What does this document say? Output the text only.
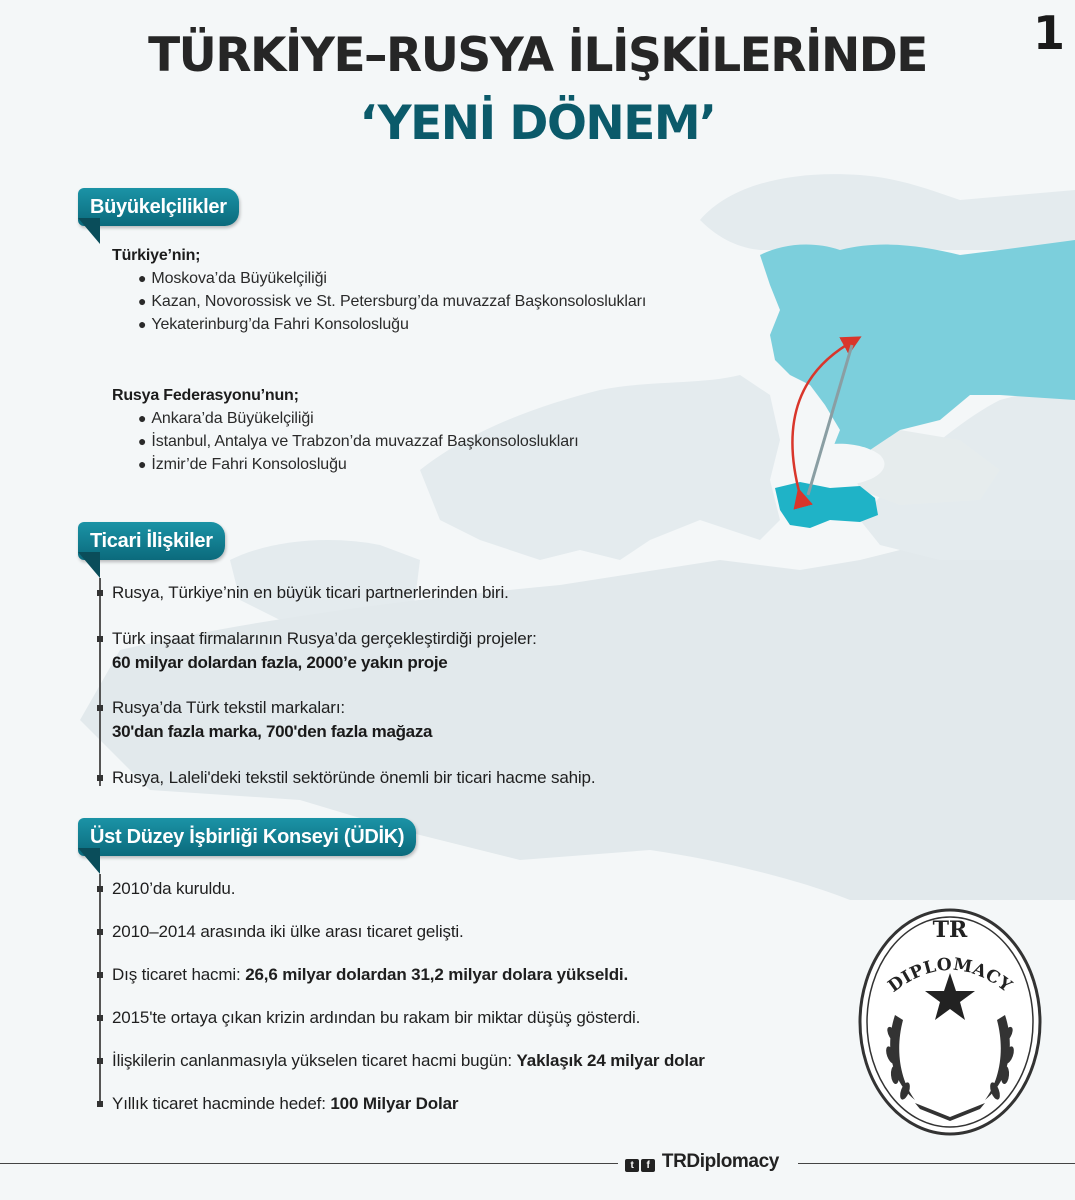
1
TÜRKİYE–RUSYA İLİŞKİLERİNDE
‘YENİ DÖNEM’
Büyükelçilikler
Türkiye’nin;
● Moskova’da Büyükelçiliği
● Kazan, Novorossisk ve St. Petersburg’da muvazzaf Başkonsoloslukları
● Yekaterinburg’da Fahri Konsolosluğu
Rusya Federasyonu’nun;
● Ankara’da Büyükelçiliği
● İstanbul, Antalya ve Trabzon’da muvazzaf Başkonsoloslukları
● İzmir’de Fahri Konsolosluğu
Ticari İlişkiler
Rusya, Türkiye’nin en büyük ticari partnerlerinden biri.
Türk inşaat firmalarının Rusya’da gerçekleştirdiği projeler:
60 milyar dolardan fazla, 2000’e yakın proje
Rusya’da Türk tekstil markaları:
30'dan fazla marka, 700'den fazla mağaza
Rusya, Laleli'deki tekstil sektöründe önemli bir ticari hacme sahip.
Üst Düzey İşbirliği Konseyi (ÜDİK)
2010’da kuruldu.
2010–2014 arasında iki ülke arası ticaret gelişti.
Dış ticaret hacmi: 26,6 milyar dolardan 31,2 milyar dolara yükseldi.
2015'te ortaya çıkan krizin ardından bu rakam bir miktar düşüş gösterdi.
İlişkilerin canlanmasıyla yükselen ticaret hacmi bugün: Yaklaşık 24 milyar dolar
Yıllık ticaret hacminde hedef: 100 Milyar Dolar
TR
DIPLOMACY
t f TRDiplomacy
